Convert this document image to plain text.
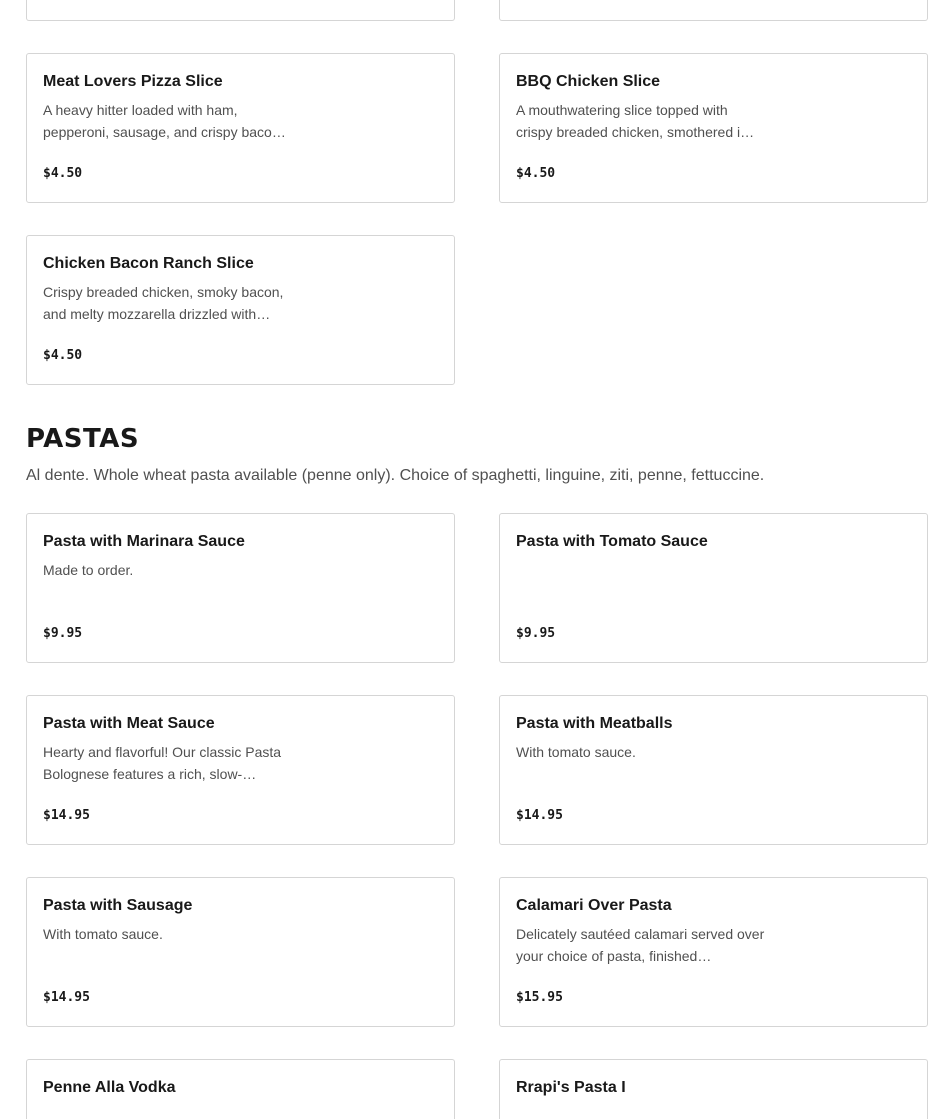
Meat Lovers Pizza Slice
A heavy hitter loaded with ham, pepperoni, sausage, and crispy baco…
$4.50
BBQ Chicken Slice
A mouthwatering slice topped with crispy breaded chicken, smothered i…
$4.50
Chicken Bacon Ranch Slice
Crispy breaded chicken, smoky bacon, and melty mozzarella drizzled with…
$4.50
PASTAS

Al dente. Whole wheat pasta available (penne only). Choice of spaghetti, linguine, ziti, penne, fettuccine.

Pasta with Marinara Sauce
Made to order.
$9.95
Pasta with Tomato Sauce
$9.95
Pasta with Meat Sauce
Hearty and flavorful! Our classic Pasta Bolognese features a rich, slow-…
$14.95
Pasta with Meatballs
With tomato sauce.
$14.95
Pasta with Sausage
With tomato sauce.
$14.95
Calamari Over Pasta
Delicately sautéed calamari served over your choice of pasta, finished…
$15.95
Penne Alla Vodka	Rrapi's Pasta I
